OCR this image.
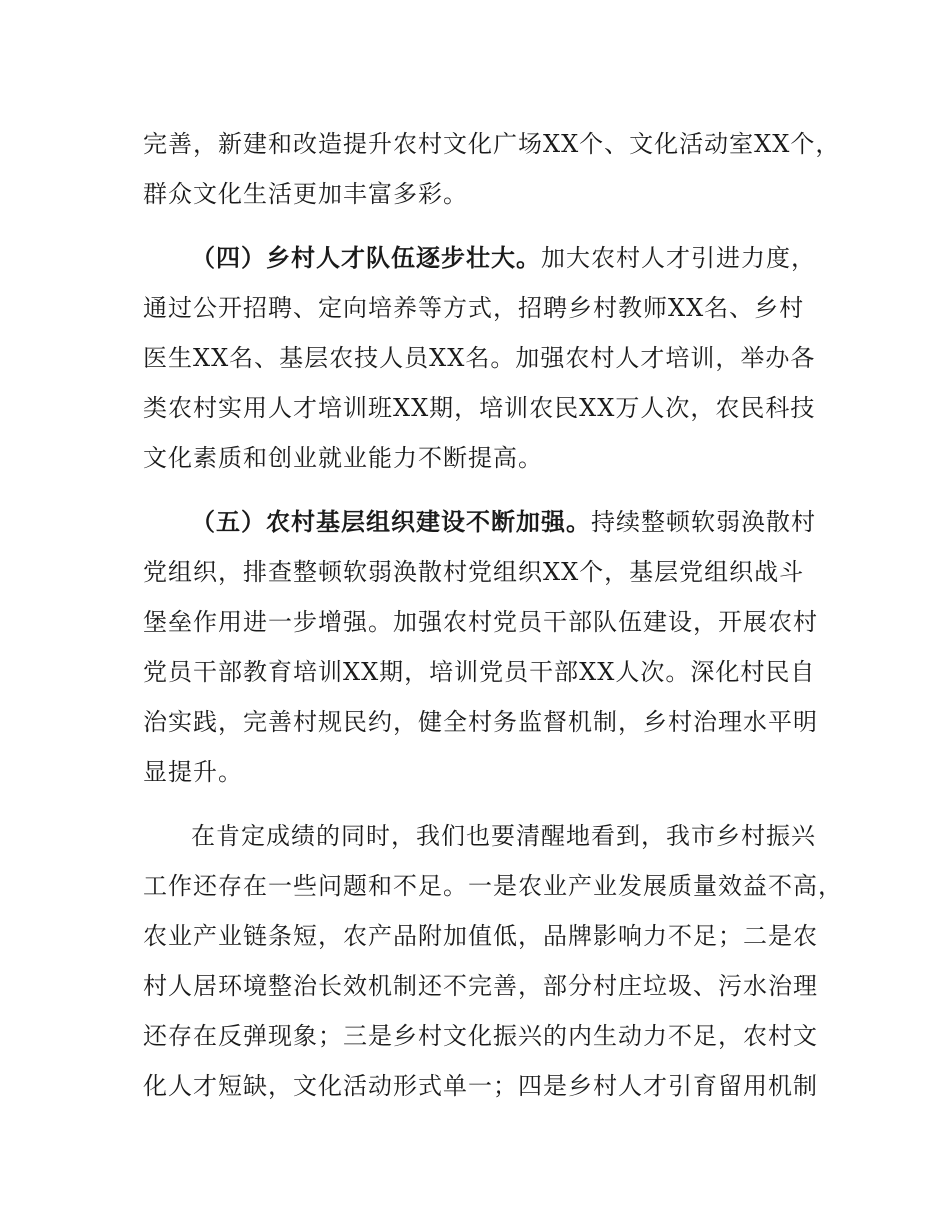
完善，新建和改造提升农村文化广场XX个、文化活动室XX个，
群众文化生活更加丰富多彩。
（四）乡村人才队伍逐步壮大。加大农村人才引进力度，
通过公开招聘、定向培养等方式，招聘乡村教师XX名、乡村
医生XX名、基层农技人员XX名。加强农村人才培训，举办各
类农村实用人才培训班XX期，培训农民XX万人次，农民科技
文化素质和创业就业能力不断提高。
（五）农村基层组织建设不断加强。持续整顿软弱涣散村
党组织，排查整顿软弱涣散村党组织XX个，基层党组织战斗
堡垒作用进一步增强。加强农村党员干部队伍建设，开展农村
党员干部教育培训XX期，培训党员干部XX人次。深化村民自
治实践，完善村规民约，健全村务监督机制，乡村治理水平明
显提升。
在肯定成绩的同时，我们也要清醒地看到，我市乡村振兴
工作还存在一些问题和不足。一是农业产业发展质量效益不高，
农业产业链条短，农产品附加值低，品牌影响力不足；二是农
村人居环境整治长效机制还不完善，部分村庄垃圾、污水治理
还存在反弹现象；三是乡村文化振兴的内生动力不足，农村文
化人才短缺，文化活动形式单一；四是乡村人才引育留用机制
